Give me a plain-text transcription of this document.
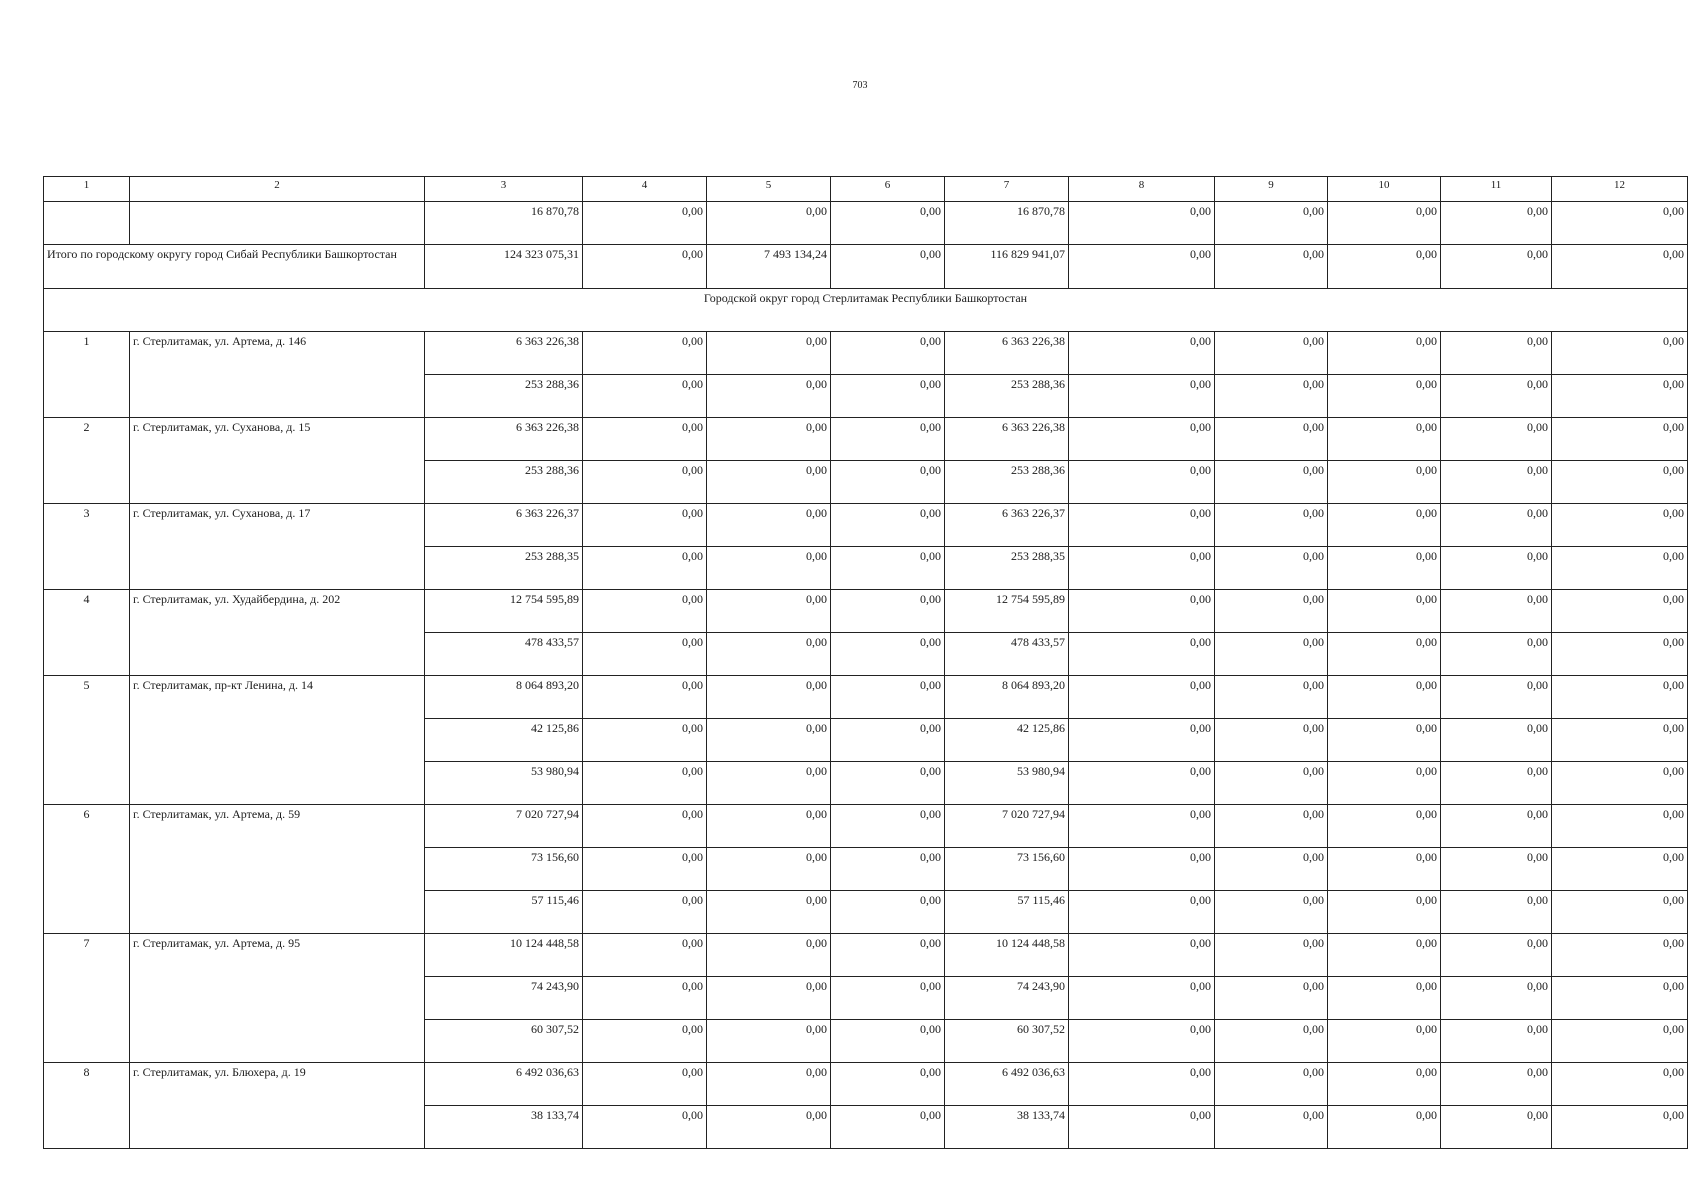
703
1	2	3	4	5	6	7	8	9	10	11	12
		16 870,78	0,00	0,00	0,00	16 870,78	0,00	0,00	0,00	0,00	0,00
Итого по городскому округу город Сибай Республики Башкортостан		124 323 075,31	0,00	7 493 134,24	0,00	116 829 941,07	0,00	0,00	0,00	0,00	0,00
Городской округ город Стерлитамак Республики Башкортостан											
1	г. Стерлитамак, ул. Артема, д. 146	6 363 226,38	0,00	0,00	0,00	6 363 226,38	0,00	0,00	0,00	0,00	0,00
		253 288,36	0,00	0,00	0,00	253 288,36	0,00	0,00	0,00	0,00	0,00
2	г. Стерлитамак, ул. Суханова, д. 15	6 363 226,38	0,00	0,00	0,00	6 363 226,38	0,00	0,00	0,00	0,00	0,00
		253 288,36	0,00	0,00	0,00	253 288,36	0,00	0,00	0,00	0,00	0,00
3	г. Стерлитамак, ул. Суханова, д. 17	6 363 226,37	0,00	0,00	0,00	6 363 226,37	0,00	0,00	0,00	0,00	0,00
		253 288,35	0,00	0,00	0,00	253 288,35	0,00	0,00	0,00	0,00	0,00
4	г. Стерлитамак, ул. Худайбердина, д. 202	12 754 595,89	0,00	0,00	0,00	12 754 595,89	0,00	0,00	0,00	0,00	0,00
		478 433,57	0,00	0,00	0,00	478 433,57	0,00	0,00	0,00	0,00	0,00
5	г. Стерлитамак, пр-кт Ленина, д. 14	8 064 893,20	0,00	0,00	0,00	8 064 893,20	0,00	0,00	0,00	0,00	0,00
		42 125,86	0,00	0,00	0,00	42 125,86	0,00	0,00	0,00	0,00	0,00
		53 980,94	0,00	0,00	0,00	53 980,94	0,00	0,00	0,00	0,00	0,00
6	г. Стерлитамак, ул. Артема, д. 59	7 020 727,94	0,00	0,00	0,00	7 020 727,94	0,00	0,00	0,00	0,00	0,00
		73 156,60	0,00	0,00	0,00	73 156,60	0,00	0,00	0,00	0,00	0,00
		57 115,46	0,00	0,00	0,00	57 115,46	0,00	0,00	0,00	0,00	0,00
7	г. Стерлитамак, ул. Артема, д. 95	10 124 448,58	0,00	0,00	0,00	10 124 448,58	0,00	0,00	0,00	0,00	0,00
		74 243,90	0,00	0,00	0,00	74 243,90	0,00	0,00	0,00	0,00	0,00
		60 307,52	0,00	0,00	0,00	60 307,52	0,00	0,00	0,00	0,00	0,00
8	г. Стерлитамак, ул. Блюхера, д. 19	6 492 036,63	0,00	0,00	0,00	6 492 036,63	0,00	0,00	0,00	0,00	0,00
		38 133,74	0,00	0,00	0,00	38 133,74	0,00	0,00	0,00	0,00	0,00
